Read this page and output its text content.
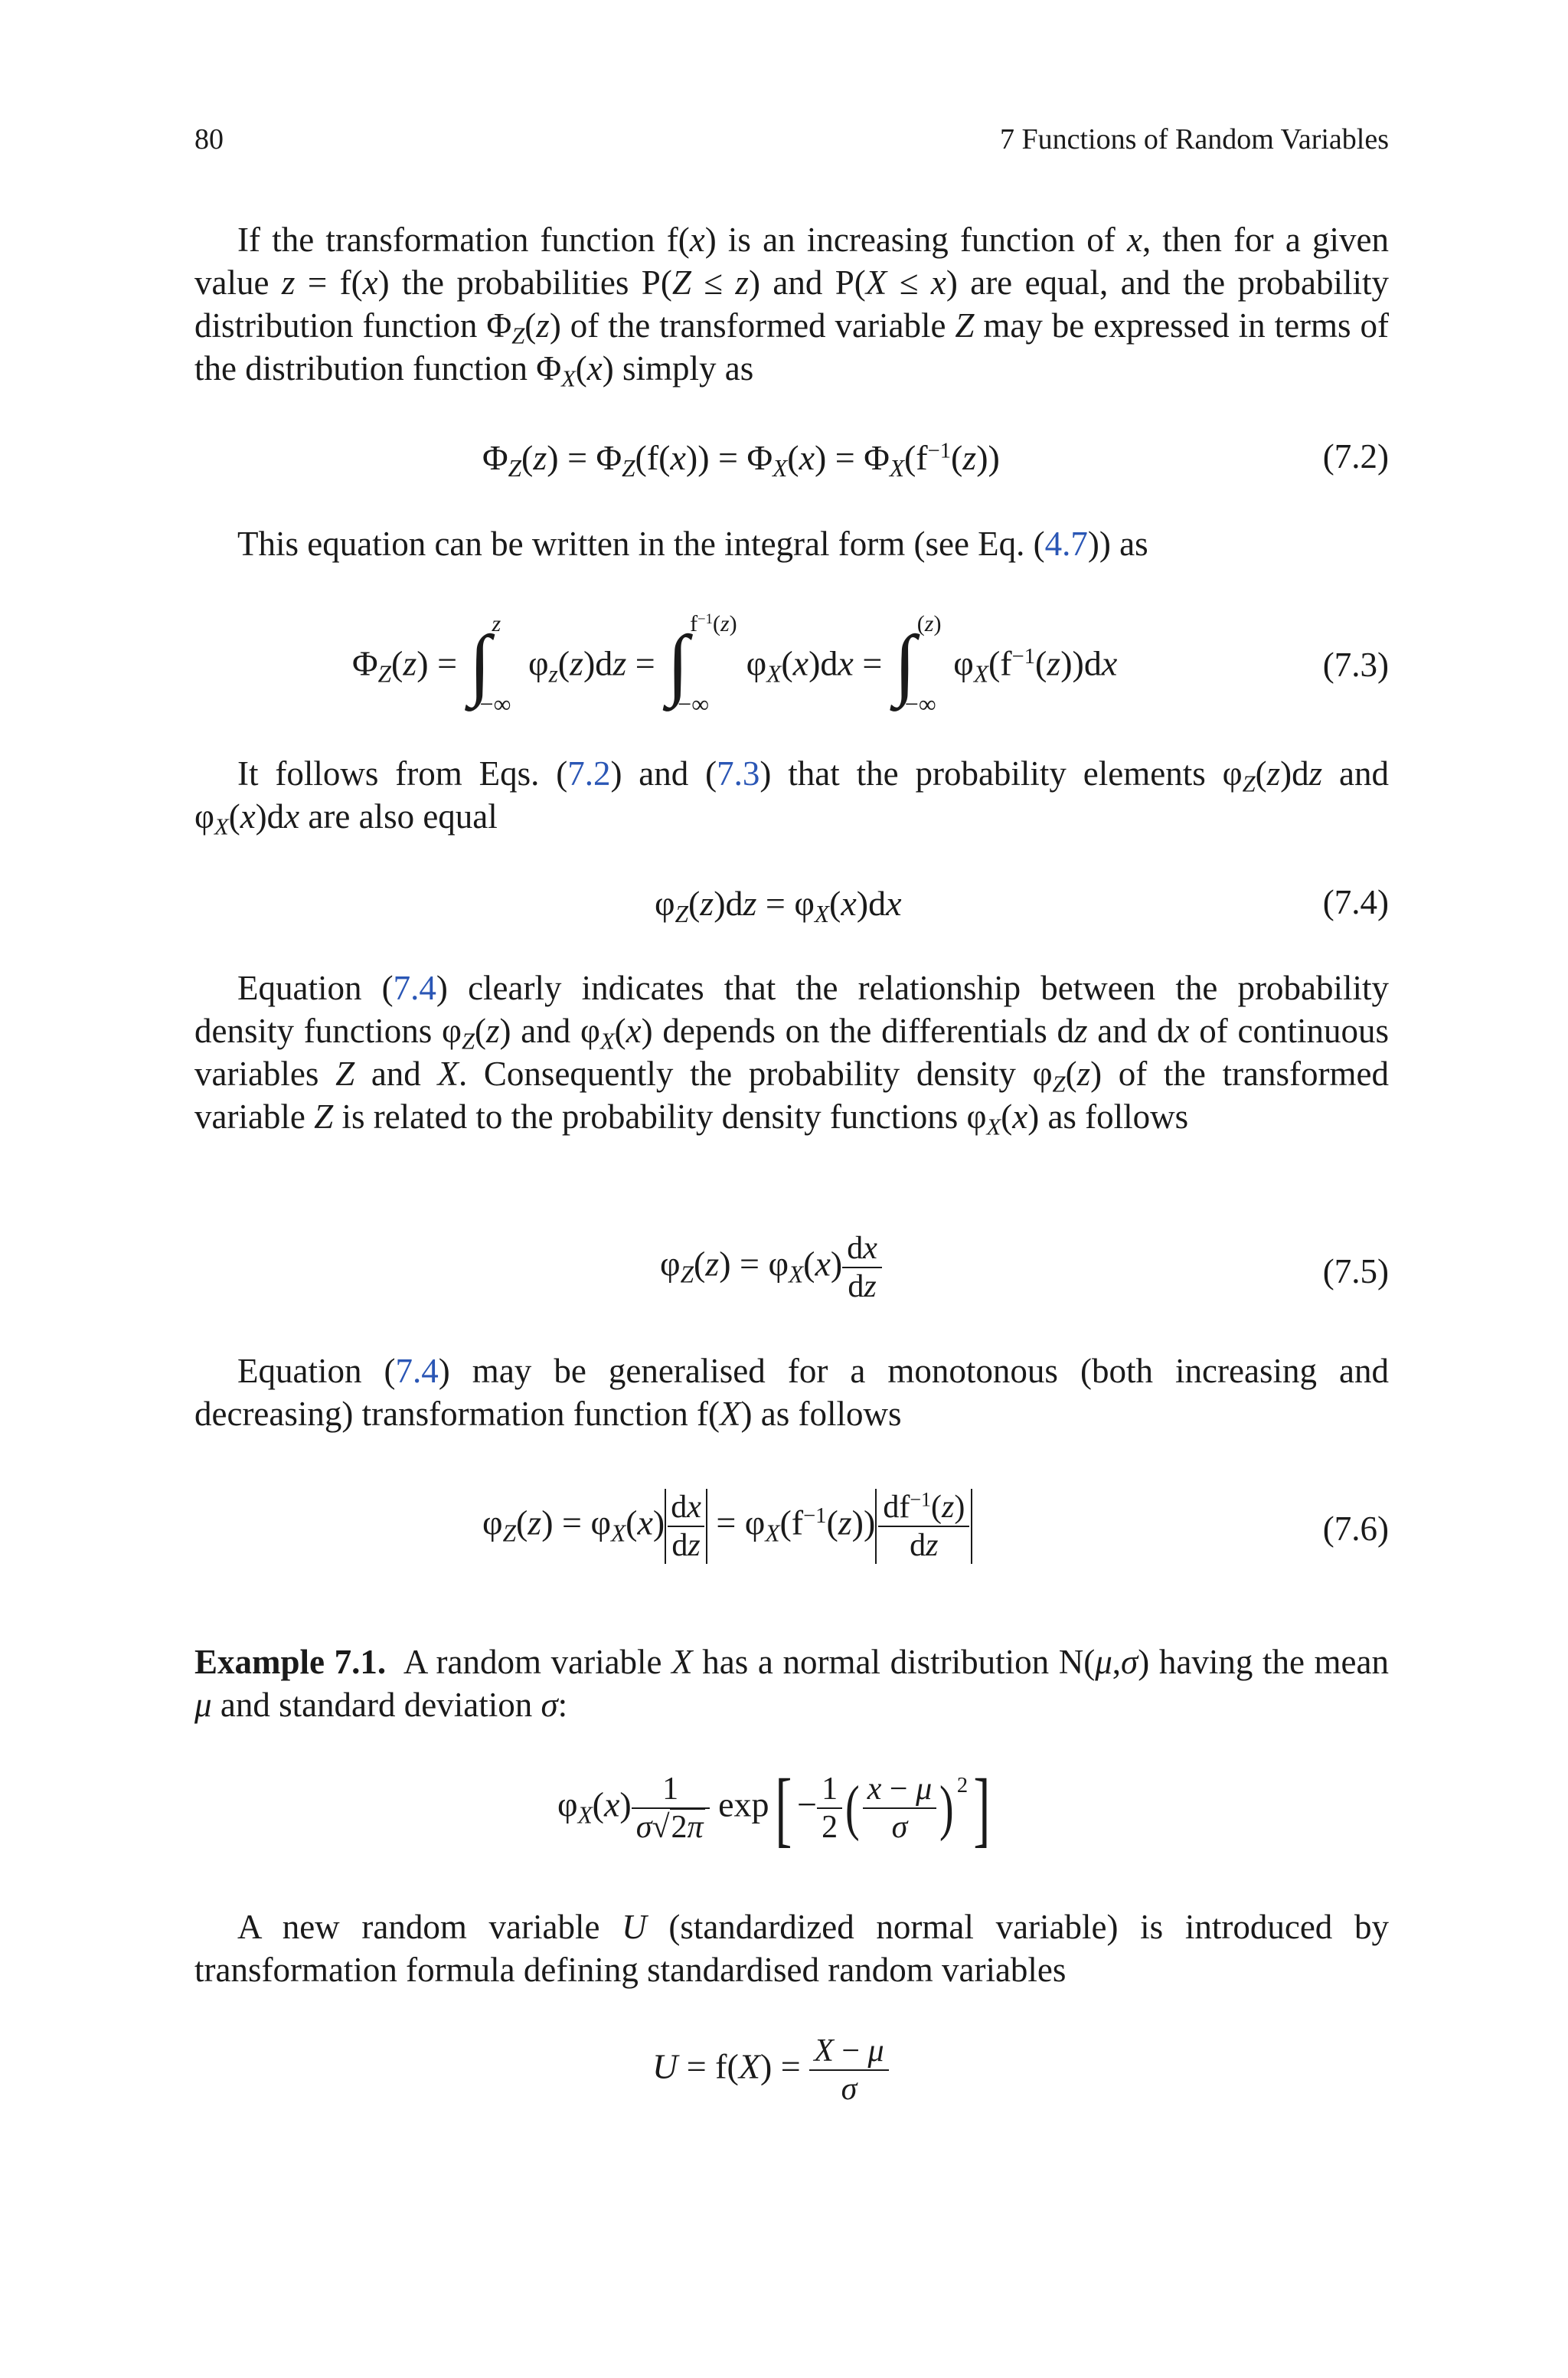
80	7 Functions of Random Variables

If the transformation function f(x) is an increasing function of x, then for a given value z = f(x) the probabilities P(Z ≤ z) and P(X ≤ x) are equal, and the probability distribution function $\Phi_Z(z)$ of the transformed variable Z may be expressed in terms of the distribution function $\Phi_X(x)$ simply as

$\Phi_Z(z) = \Phi_Z(f(x)) = \Phi_X(x) = \Phi_X(f^{-1}(z))$	(7.2)

This equation can be written in the integral form (see Eq. (4.7)) as

$\Phi_Z(z)$ = ∫ z
−∞
$\varphi_z(z)dz$ = ∫ $f^{-1}(z)$
−∞
$\varphi_X(x)dx$ = ∫ (z)
−∞
$\varphi_X(f^{-1}(z))dx$	(7.3)

It follows from Eqs. (7.2) and (7.3) that the probability elements $\varphi_Z(z)dz$ and $\varphi_X(x)dx$ are also equal

$\varphi_Z(z)dz = \varphi_X(x)dx$	(7.4)

Equation (7.4) clearly indicates that the relationship between the probability density functions $\varphi_Z(z)$ and $\varphi_X(x)$ depends on the differentials dz and dx of continuous variables Z and X. Consequently the probability density $\varphi_Z(z)$ of the transformed variable Z is related to the probability density functions $\varphi_X(x)$ as follows

$\varphi_Z(z) = \varphi_X(x) \frac{dx}{dz}$	(7.5)

Equation (7.4) may be generalised for a monotonous (both increasing and decreasing) transformation function f(X) as follows

$\varphi_Z(z) = \varphi_X(x) \frac{dx}{dz} = \varphi_X(f^{-1}(z)) \frac{df^{-1}(z)}{dz}$	(7.6)

Example 7.1.  A random variable X has a normal distribution N(μ,σ) having the mean μ and standard deviation σ:

$\varphi_X(x) \frac{1}{\sigma√2\pi} \exp[ - \frac{1}{2}$ ( $\frac{x - \mu}{\sigma}$ ) $^2$]

A new random variable U (standardized normal variable) is introduced by transformation formula defining standardised random variables

$U = f(X) = \frac{X - \mu}{\sigma}$
